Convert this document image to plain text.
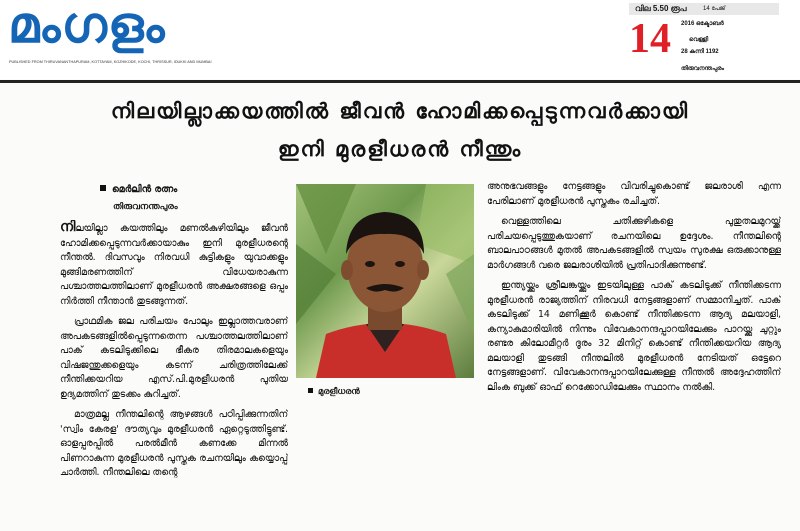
മംഗളം
PUBLISHED FROM THIRUVANANTHAPURAM, KOTTAYAM, KOZHIKODE, KOCHI, THRISSUR, IDUKKI AND MUMBAI
വില 5.50 രൂപ	14 പേജ്
14 2016 ഒക്ടോബർ
വെള്ളി
28 കന്നി 1192
തിരുവനന്തപുരം
നിലയില്ലാക്കയത്തിൽ ജീവൻ ഹോമിക്കപ്പെടുന്നവർക്കായി
ഇനി മുരളീധരൻ നീന്തും
മെർലിൻ രത്നം
തിരുവനന്തപുരം

നിലയില്ലാ കയത്തിലും മണൽകുഴിയിലും ജീവൻ ഹോമിക്കപ്പെടുന്നവർക്കായാകും ഇനി മുരളീധരന്റെ നീന്തൽ. ദിവസവും നിരവധി കുട്ടികളും യുവാക്കളും മുങ്ങിമരണത്തിന് വിധേയരാകുന്ന പശ്ചാത്തലത്തിലാണ് മുരളീധരൻ അക്ഷരങ്ങളെ ഒപ്പം നിർത്തി നീന്താൻ തുടങ്ങുന്നത്.

പ്രാഥമിക ജല പരിചയം പോലും ഇല്ലാത്തവരാണ് അപകടങ്ങളിൽപ്പെടുന്നതെന്ന പശ്ചാത്തലത്തിലാണ് പാക് കടലിടുക്കിലെ ഭീകര തിരമാലകളെയും വിഷജന്തുക്കളെയും കടന്ന് ചരിത്രത്തിലേക്ക് നീന്തിക്കയറിയ എസ്.പി.മുരളീധരൻ പുതിയ ഉദ്യമത്തിന് തുടക്കം കുറിച്ചത്.

മാത്രമല്ല നീന്തലിന്റെ ആഴങ്ങൾ പഠിപ്പിക്കുന്നതിന് 'സ്വിം കേരള' ദൗത്യവും മുരളീധരൻ ഏറ്റെടുത്തിട്ടുണ്ട്. ഓളപ്പരപ്പിൽ പരൽമീൻ കണക്കേ മിന്നൽ പിണറാകുന്ന മുരളീധരൻ പുസ്തക രചനയിലും കയ്യൊപ്പ് ചാർത്തി. നീന്തലിലെ തന്റെ

മുരളീധരൻ

അനുഭവങ്ങളും നേട്ടങ്ങളും വിവരിച്ചുകൊണ്ട് ജലരാശി എന്ന പേരിലാണ് മുരളീധരൻ പുസ്തകം രചിച്ചത്.

വെള്ളത്തിലെ ചതിക്കുഴികളെ പുതുതലമുറയ്ക്ക് പരിചയപ്പെടുത്തുകയാണ് രചനയിലെ ഉദ്ദേശം. നീന്തലിന്റെ ബാലപാഠങ്ങൾ മുതൽ അപകടങ്ങളിൽ സ്വയം സുരക്ഷ ഒരുക്കാനുള്ള മാർഗങ്ങൾ വരെ ജലരാശിയിൽ പ്രതിപാദിക്കുന്നുണ്ട്.

ഇന്ത്യയ്ക്കും ശ്രീലങ്കയ്ക്കും ഇടയിലുള്ള പാക് കടലിടുക്ക് നീന്തിക്കടന്ന മുരളീധരൻ രാജ്യത്തിന് നിരവധി നേട്ടങ്ങളാണ് സമ്മാനിച്ചത്. പാക് കടലിടുക്ക് 14 മണിക്കൂർ കൊണ്ട് നീന്തിക്കടന്ന ആദ്യ മലയാളി, കന്യാകുമാരിയിൽ നിന്നും വിവേകാനന്ദപ്പാറയിലേക്കും പാറയ്ക്കു ചുറ്റും രണ്ടര കിലോമീറ്റർ ദൂരം 32 മിനിറ്റ് കൊണ്ട് നീന്തിക്കയറിയ ആദ്യ മലയാളി തുടങ്ങി നീന്തലിൽ മുരളീധരൻ നേടിയത് ഒട്ടേറെ നേട്ടങ്ങളാണ്. വിവേകാനന്ദപ്പാറയിലേക്കുള്ള നീന്തൽ അദ്ദേഹത്തിന് ലിംക ബുക്ക് ഓഫ് റെക്കോഡിലേക്കും സ്ഥാനം നൽകി.
